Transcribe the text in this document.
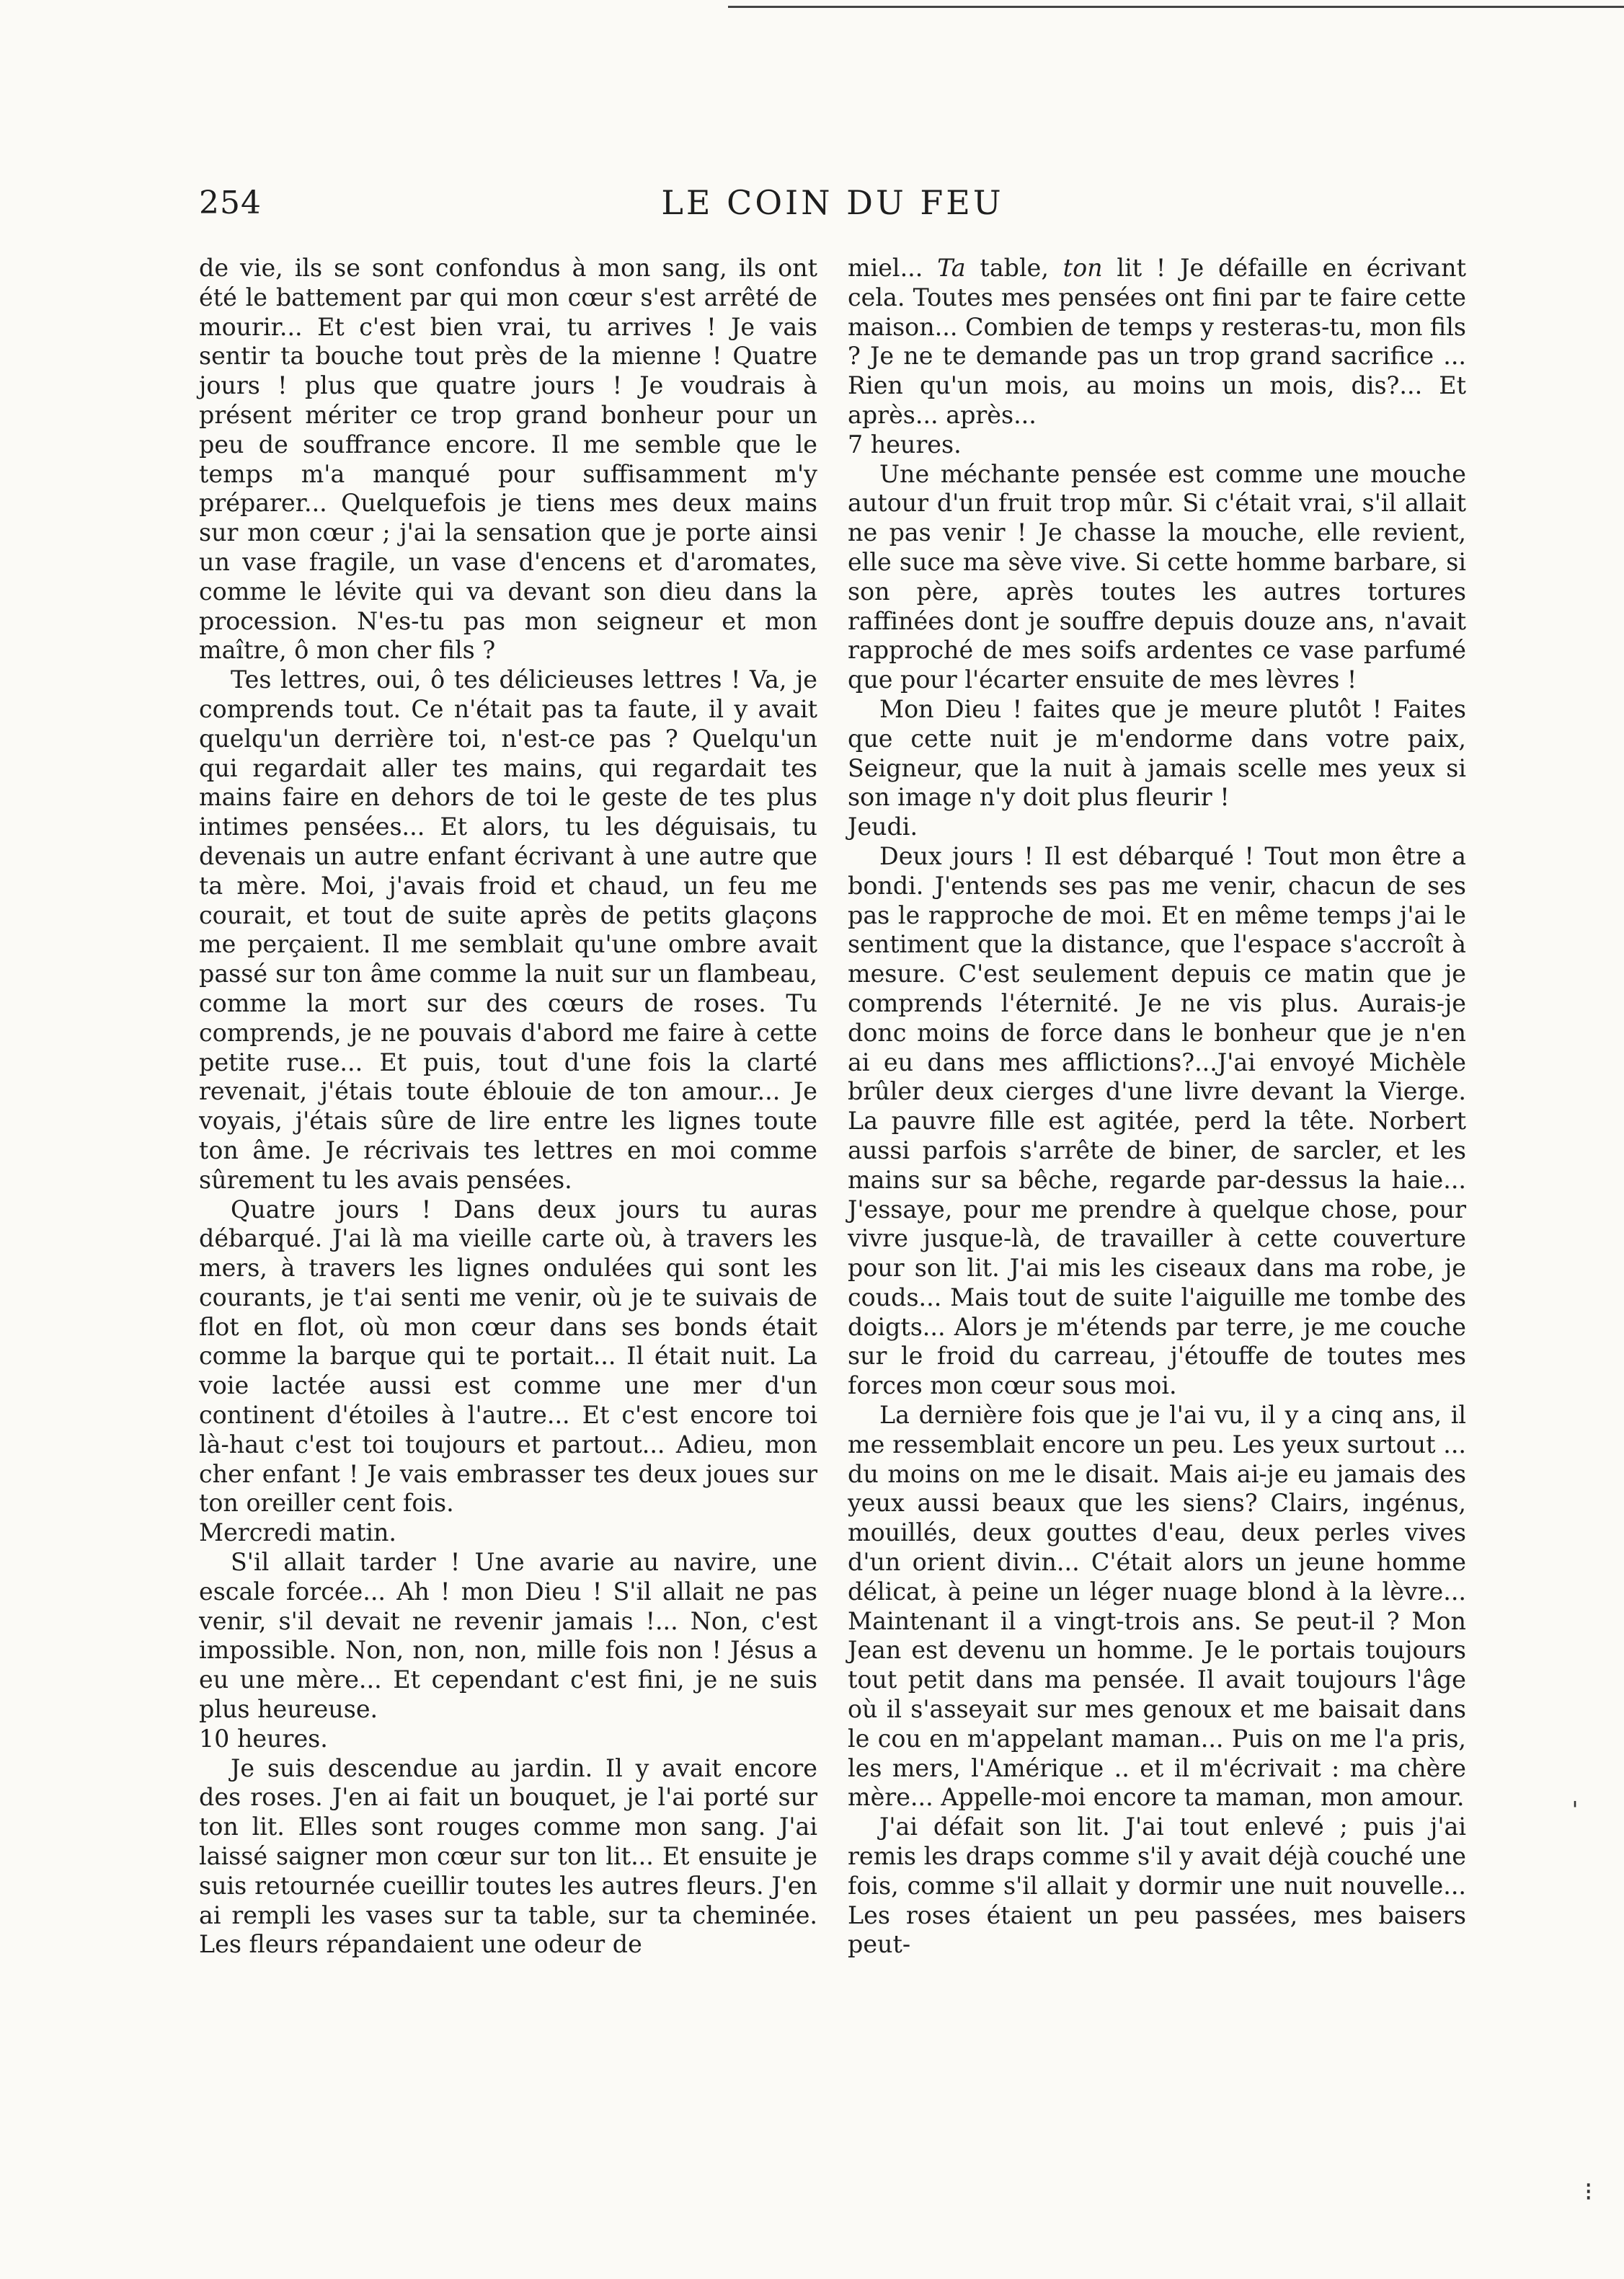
254	LE COIN DU FEU

de vie, ils se sont confondus à mon sang, ils ont été le battement par qui mon cœur s'est arrêté de mourir... Et c'est bien vrai, tu arrives ! Je vais sentir ta bouche tout près de la mienne ! Quatre jours ! plus que quatre jours ! Je voudrais à présent mériter ce trop grand bonheur pour un peu de souffrance encore. Il me semble que le temps m'a manqué pour suffisamment m'y préparer... Quelquefois je tiens mes deux mains sur mon cœur ; j'ai la sensation que je porte ainsi un vase fragile, un vase d'encens et d'aromates, comme le lévite qui va devant son dieu dans la procession. N'es-tu pas mon seigneur et mon maître, ô mon cher fils ?

Tes lettres, oui, ô tes délicieuses lettres ! Va, je comprends tout. Ce n'était pas ta faute, il y avait quelqu'un derrière toi, n'est-ce pas ? Quelqu'un qui regardait aller tes mains, qui regardait tes mains faire en dehors de toi le geste de tes plus intimes pensées... Et alors, tu les déguisais, tu devenais un autre enfant écrivant à une autre que ta mère. Moi, j'avais froid et chaud, un feu me courait, et tout de suite après de petits glaçons me perçaient. Il me semblait qu'une ombre avait passé sur ton âme comme la nuit sur un flambeau, comme la mort sur des cœurs de roses. Tu comprends, je ne pouvais d'abord me faire à cette petite ruse... Et puis, tout d'une fois la clarté revenait, j'étais toute éblouie de ton amour... Je voyais, j'étais sûre de lire entre les lignes toute ton âme. Je récrivais tes lettres en moi comme sûrement tu les avais pensées.

Quatre jours ! Dans deux jours tu auras débarqué. J'ai là ma vieille carte où, à travers les mers, à travers les lignes ondulées qui sont les courants, je t'ai senti me venir, où je te suivais de flot en flot, où mon cœur dans ses bonds était comme la barque qui te portait... Il était nuit. La voie lactée aussi est comme une mer d'un continent d'étoiles à l'autre... Et c'est encore toi là-haut c'est toi toujours et partout... Adieu, mon cher enfant ! Je vais embrasser tes deux joues sur ton oreiller cent fois.

Mercredi matin.

S'il allait tarder ! Une avarie au navire, une escale forcée... Ah ! mon Dieu ! S'il allait ne pas venir, s'il devait ne revenir jamais !... Non, c'est impossible. Non, non, non, mille fois non ! Jésus a eu une mère... Et cependant c'est fini, je ne suis plus heureuse.

10 heures.

Je suis descendue au jardin. Il y avait encore des roses. J'en ai fait un bouquet, je l'ai porté sur ton lit. Elles sont rouges comme mon sang. J'ai laissé saigner mon cœur sur ton lit... Et ensuite je suis retournée cueillir toutes les autres fleurs. J'en ai rempli les vases sur ta table, sur ta cheminée. Les fleurs répandaient une odeur de

miel... Ta table, ton lit ! Je défaille en écrivant cela. Toutes mes pensées ont fini par te faire cette maison... Combien de temps y resteras-tu, mon fils ? Je ne te demande pas un trop grand sacrifice ... Rien qu'un mois, au moins un mois, dis?... Et après... après...

7 heures.

Une méchante pensée est comme une mouche autour d'un fruit trop mûr. Si c'était vrai, s'il allait ne pas venir ! Je chasse la mouche, elle revient, elle suce ma sève vive. Si cette homme barbare, si son père, après toutes les autres tortures raffinées dont je souffre depuis douze ans, n'avait rapproché de mes soifs ardentes ce vase parfumé que pour l'écarter ensuite de mes lèvres !

Mon Dieu ! faites que je meure plutôt ! Faites que cette nuit je m'endorme dans votre paix, Seigneur, que la nuit à jamais scelle mes yeux si son image n'y doit plus fleurir !

Jeudi.

Deux jours ! Il est débarqué ! Tout mon être a bondi. J'entends ses pas me venir, chacun de ses pas le rapproche de moi. Et en même temps j'ai le sentiment que la distance, que l'espace s'accroît à mesure. C'est seulement depuis ce matin que je comprends l'éternité. Je ne vis plus. Aurais-je donc moins de force dans le bonheur que je n'en ai eu dans mes afflictions?...J'ai envoyé Michèle brûler deux cierges d'une livre devant la Vierge. La pauvre fille est agitée, perd la tête. Norbert aussi parfois s'arrête de biner, de sarcler, et les mains sur sa bêche, regarde par-dessus la haie... J'essaye, pour me prendre à quelque chose, pour vivre jusque-là, de travailler à cette couverture pour son lit. J'ai mis les ciseaux dans ma robe, je couds... Mais tout de suite l'aiguille me tombe des doigts... Alors je m'étends par terre, je me couche sur le froid du carreau, j'étouffe de toutes mes forces mon cœur sous moi.

La dernière fois que je l'ai vu, il y a cinq ans, il me ressemblait encore un peu. Les yeux surtout ... du moins on me le disait. Mais ai-je eu jamais des yeux aussi beaux que les siens? Clairs, ingénus, mouillés, deux gouttes d'eau, deux perles vives d'un orient divin... C'était alors un jeune homme délicat, à peine un léger nuage blond à la lèvre... Maintenant il a vingt-trois ans. Se peut-il ? Mon Jean est devenu un homme. Je le portais toujours tout petit dans ma pensée. Il avait toujours l'âge où il s'asseyait sur mes genoux et me baisait dans le cou en m'appelant maman... Puis on me l'a pris, les mers, l'Amérique .. et il m'écrivait : ma chère mère... Appelle-moi encore ta maman, mon amour.

J'ai défait son lit. J'ai tout enlevé ; puis j'ai remis les draps comme s'il y avait déjà couché une fois, comme s'il allait y dormir une nuit nouvelle... Les roses étaient un peu passées, mes baisers peut-

ˌ
⁝
